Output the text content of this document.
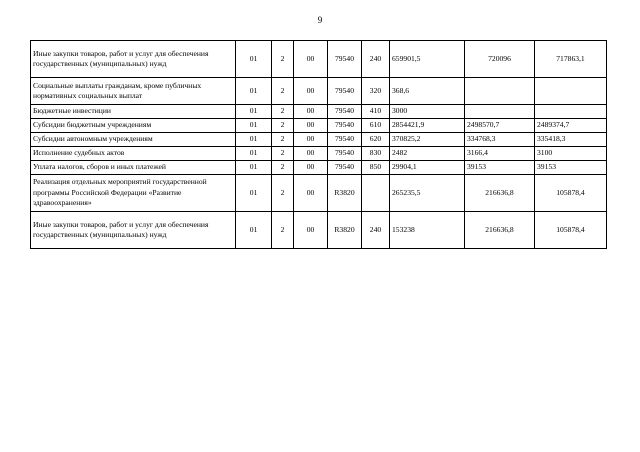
9
Иные закупки товаров, работ и услуг для обеспечения государственных (муниципальных) нужд	01	2	00	79540	240	659901,5	720096	717863,1
Социальные выплаты гражданам, кроме публичных нормативных социальных выплат	01	2	00	79540	320	368,6		
Бюджетные инвестиции	01	2	00	79540	410	3000		
Субсидии бюджетным учреждениям	01	2	00	79540	610	2854421,9	2498570,7	2489374,7
Субсидии автономным учреждениям	01	2	00	79540	620	370825,2	334768,3	335418,3
Исполнение судебных актов	01	2	00	79540	830	2482	3166,4	3100
Уплата налогов, сборов и иных платежей	01	2	00	79540	850	29904,1	39153	39153
Реализация отдельных мероприятий государственной программы Российской Федерации «Развитие здравоохранения»	01	2	00	R3820		265235,5	216636,8	105878,4
Иные закупки товаров, работ и услуг для обеспечения государственных (муниципальных) нужд	01	2	00	R3820	240	153238	216636,8	105878,4
